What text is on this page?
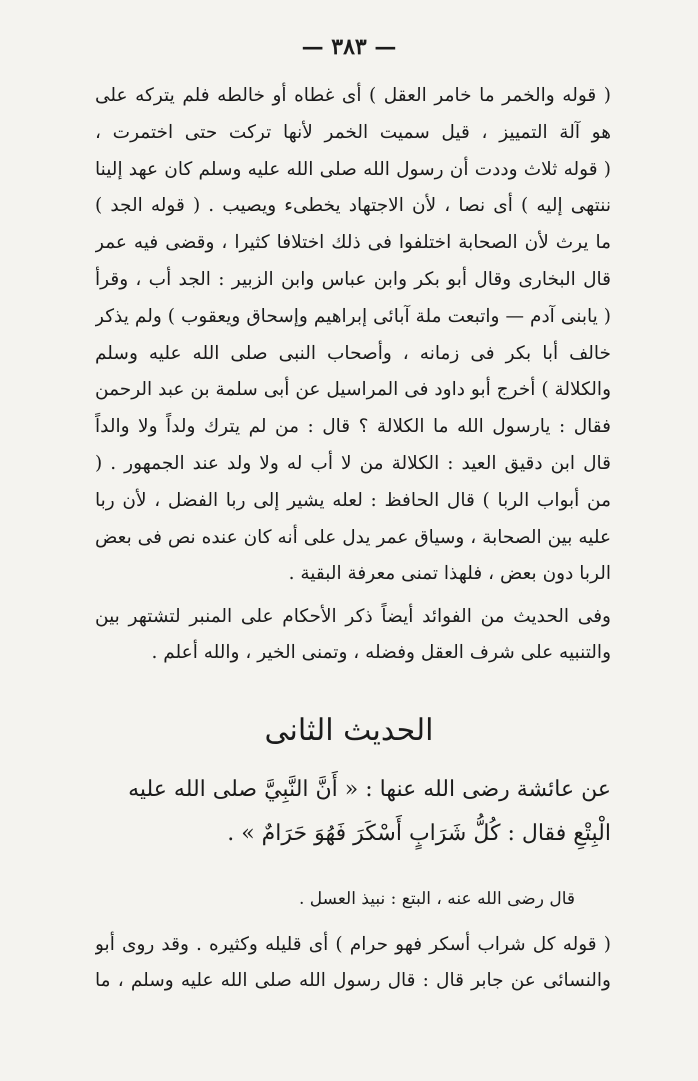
— ٣٨٣ —
( قوله والخمر ما خامر العقل ) أى غطاه أو خالطه فلم يتركه على
هو آلة التمييز ، قيل سميت الخمر لأنها تركت حتى اختمرت ،
( قوله ثلاث وددت أن رسول الله صلى الله عليه وسلم كان عهد إلينا
ننتهى إليه ) أى نصا ، لأن الاجتهاد يخطىء ويصيب . ( قوله الجد )
ما يرث لأن الصحابة اختلفوا فى ذلك اختلافا كثيرا ، وقضى فيه عمر
قال البخارى وقال أبو بكر وابن عباس وابن الزبير : الجد أب ، وقرأ
( يابنى آدم — واتبعت ملة آبائى إبراهيم وإسحاق ويعقوب ) ولم يذكر
خالف أبا بكر فى زمانه ، وأصحاب النبى صلى الله عليه وسلم
والكلالة ) أخرج أبو داود فى المراسيل عن أبى سلمة بن عبد الرحمن
فقال : يارسول الله ما الكلالة ؟ قال : من لم يترك ولداً ولا والداً
قال ابن دقيق العيد : الكلالة من لا أب له ولا ولد عند الجمهور . (
من أبواب الربا ) قال الحافظ : لعله يشير إلى ربا الفضل ، لأن ربا
عليه بين الصحابة ، وسياق عمر يدل على أنه كان عنده نص فى بعض
الربا دون بعض ، فلهذا تمنى معرفة البقية .
وفى الحديث من الفوائد أيضاً ذكر الأحكام على المنبر لتشتهر بين
والتنبيه على شرف العقل وفضله ، وتمنى الخير ، والله أعلم .
الحديث الثانى
عن عائشة رضى الله عنها : « أَنَّ النَّبِيَّ صلى الله عليه
الْبِتْعِ فقال : كُلُّ شَرَابٍ أَسْكَرَ فَهُوَ حَرَامٌ » .
قال رضى الله عنه ، البتع : نبيذ العسل .
( قوله كل شراب أسكر فهو حرام ) أى قليله وكثيره . وقد روى أبو
والنسائى عن جابر قال : قال رسول الله صلى الله عليه وسلم ، ما
